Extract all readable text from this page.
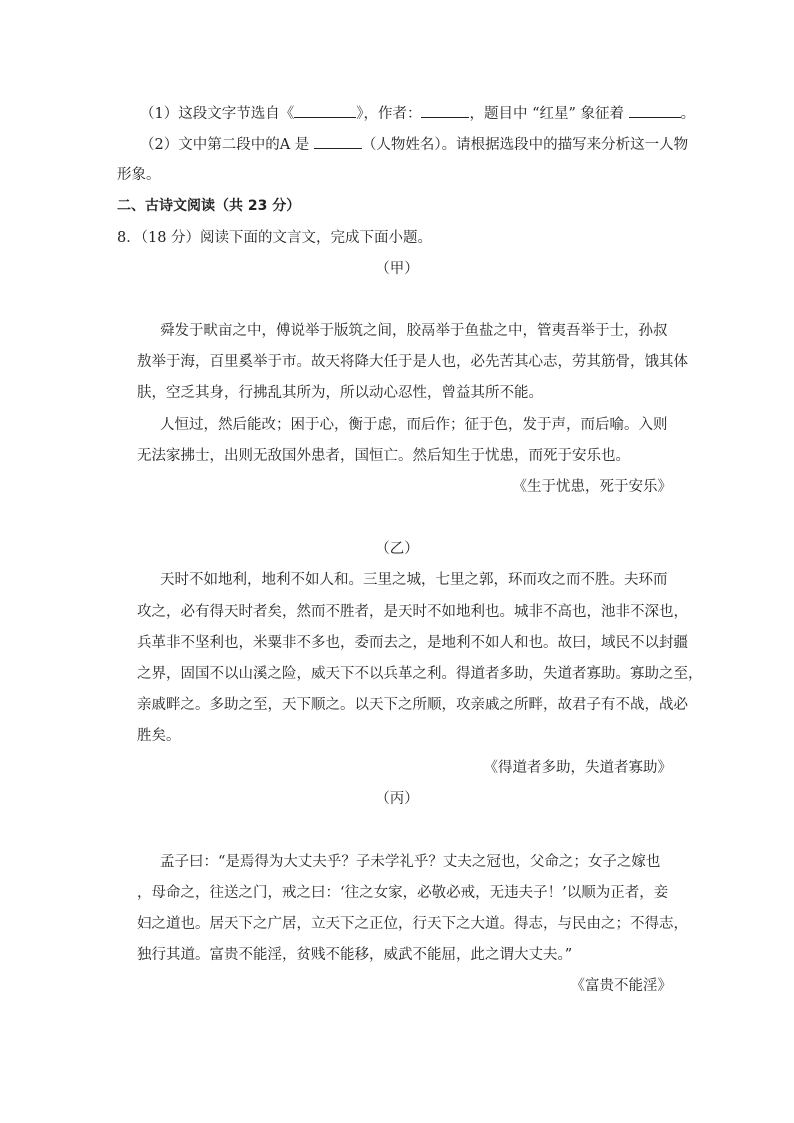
（1）这段文字节选自《	》，作者：	，题目中 “红星” 象征着	。
（2）文中第二段中的A 是	（人物姓名）。请根据选段中的描写来分析这一人物
形象。
二、古诗文阅读（共 23 分）
8．（18 分）阅读下面的文言文，完成下面小题。
（甲）
舜发于畎亩之中，傅说举于版筑之间，胶鬲举于鱼盐之中，管夷吾举于士，孙叔
敖举于海，百里奚举于市。故天将降大任于是人也，必先苦其心志，劳其筋骨，饿其体
肤，空乏其身，行拂乱其所为，所以动心忍性，曾益其所不能。
人恒过，然后能改；困于心，衡于虑，而后作；征于色，发于声，而后喻。入则
无法家拂士，出则无敌国外患者，国恒亡。然后知生于忧患，而死于安乐也。
《生于忧患，死于安乐》
（乙）
天时不如地利，地利不如人和。三里之城，七里之郭，环而攻之而不胜。夫环而
攻之，必有得天时者矣，然而不胜者，是天时不如地利也。城非不高也，池非不深也，
兵革非不坚利也，米粟非不多也，委而去之，是地利不如人和也。故曰，域民不以封疆
之界，固国不以山溪之险，威天下不以兵革之利。得道者多助，失道者寡助。寡助之至，
亲戚畔之。多助之至，天下顺之。以天下之所顺，攻亲戚之所畔，故君子有不战，战必
胜矣。
《得道者多助，失道者寡助》
（丙）
孟子曰：“是焉得为大丈夫乎？子未学礼乎？丈夫之冠也，父命之；女子之嫁也
，母命之，往送之门，戒之曰：‘往之女家，必敬必戒，无违夫子！’以顺为正者，妾
妇之道也。居天下之广居，立天下之正位，行天下之大道。得志，与民由之；不得志，
独行其道。富贵不能淫，贫贱不能移，威武不能屈，此之谓大丈夫。”
《富贵不能淫》
